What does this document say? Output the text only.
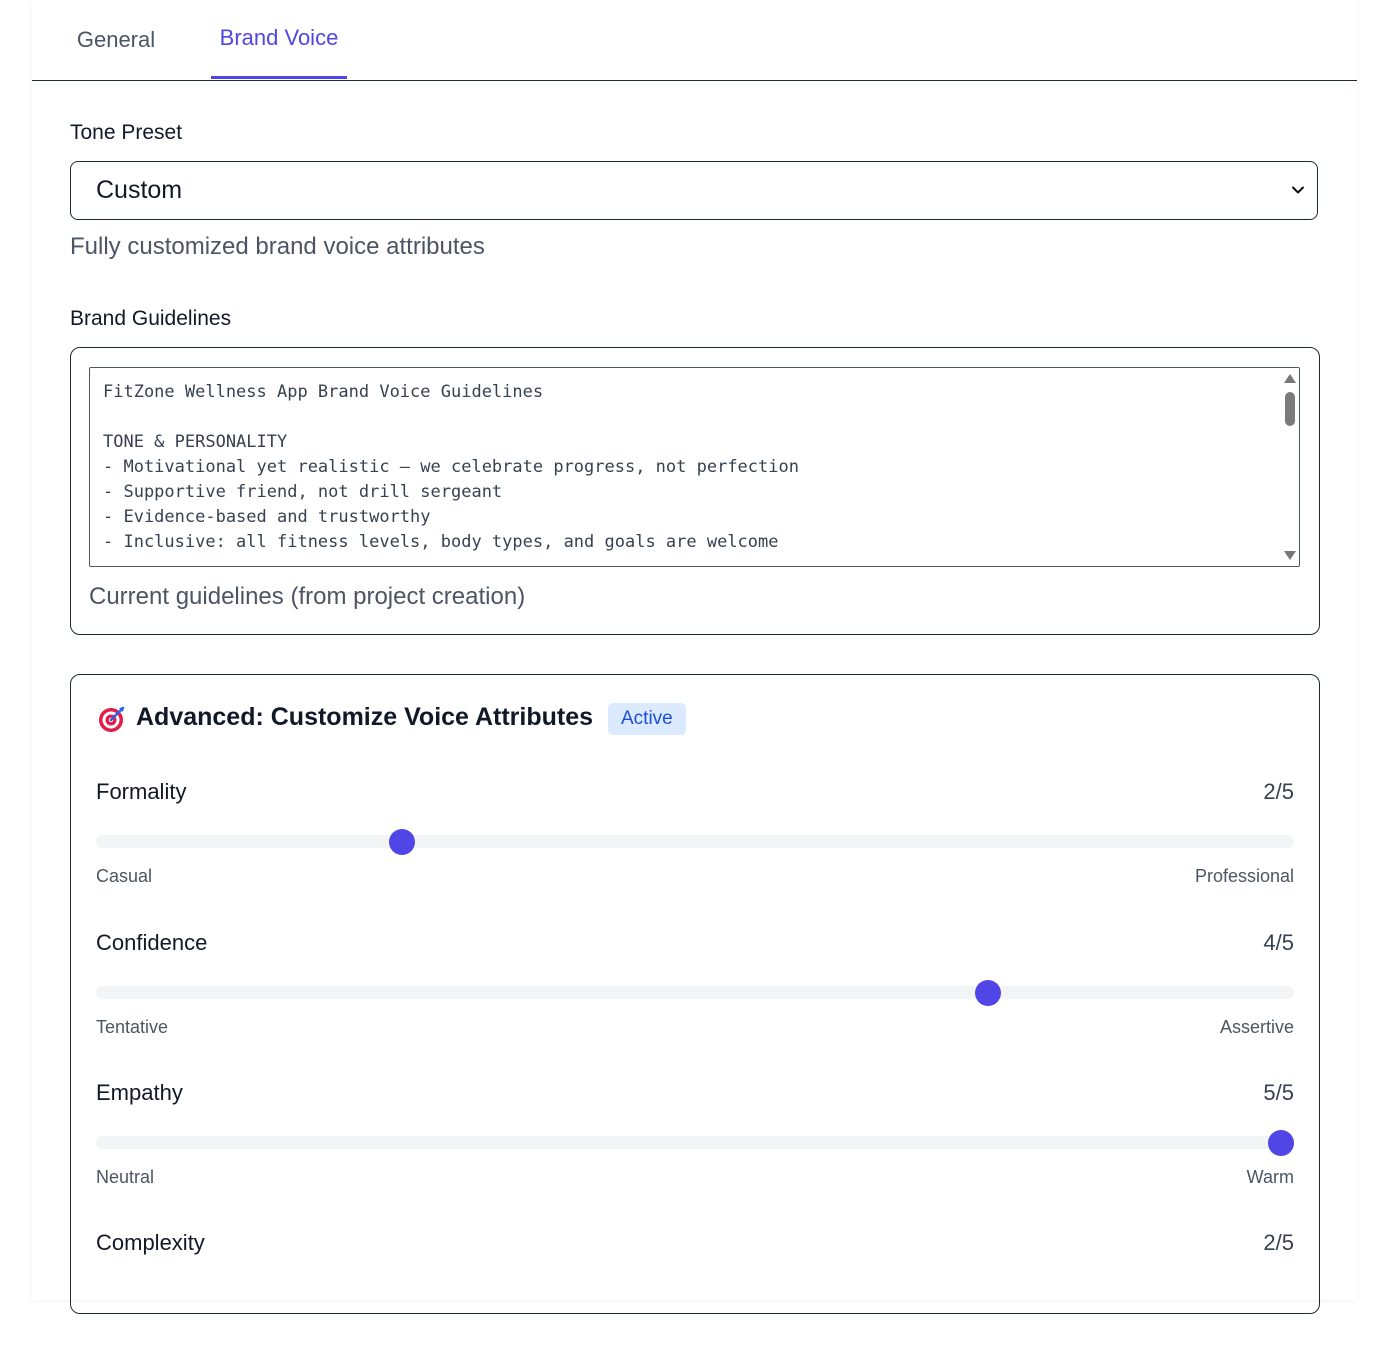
General	Brand Voice
Tone Preset
Custom
Fully customized brand voice attributes
Brand Guidelines
FitZone Wellness App Brand Voice Guidelines

TONE & PERSONALITY
- Motivational yet realistic — we celebrate progress, not perfection
- Supportive friend, not drill sergeant
- Evidence-based and trustworthy
- Inclusive: all fitness levels, body types, and goals are welcome
Current guidelines (from project creation)
Advanced: Customize Voice Attributes	Active
Formality	2/5
Casual	Professional
Confidence	4/5
Tentative	Assertive
Empathy	5/5
Neutral	Warm
Complexity	2/5
